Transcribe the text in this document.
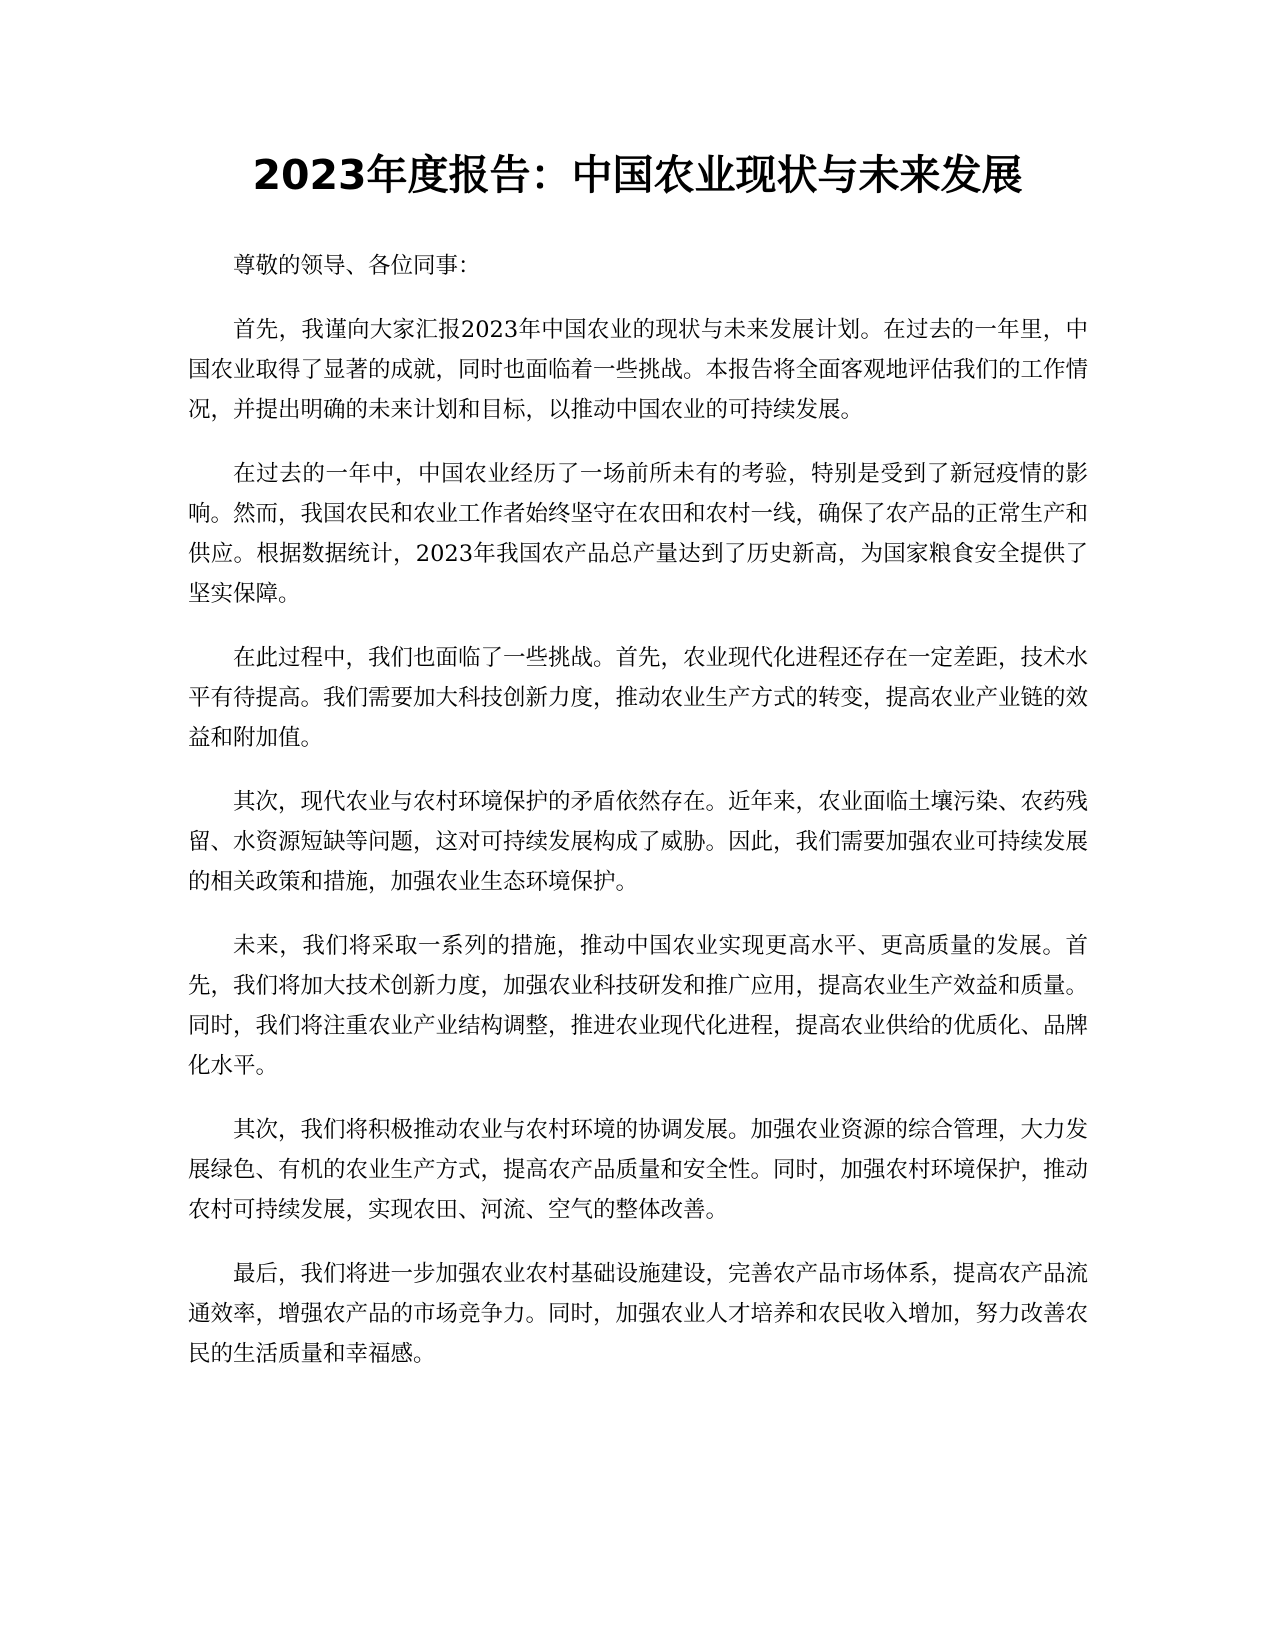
2023年度报告：中国农业现状与未来发展

尊敬的领导、各位同事：

首先，我谨向大家汇报2023年中国农业的现状与未来发展计划。在过去的一年里，中国农业取得了显著的成就，同时也面临着一些挑战。本报告将全面客观地评估我们的工作情况，并提出明确的未来计划和目标，以推动中国农业的可持续发展。

在过去的一年中，中国农业经历了一场前所未有的考验，特别是受到了新冠疫情的影响。然而，我国农民和农业工作者始终坚守在农田和农村一线，确保了农产品的正常生产和供应。根据数据统计，2023年我国农产品总产量达到了历史新高，为国家粮食安全提供了坚实保障。

在此过程中，我们也面临了一些挑战。首先，农业现代化进程还存在一定差距，技术水平有待提高。我们需要加大科技创新力度，推动农业生产方式的转变，提高农业产业链的效益和附加值。

其次，现代农业与农村环境保护的矛盾依然存在。近年来，农业面临土壤污染、农药残留、水资源短缺等问题，这对可持续发展构成了威胁。因此，我们需要加强农业可持续发展的相关政策和措施，加强农业生态环境保护。

未来，我们将采取一系列的措施，推动中国农业实现更高水平、更高质量的发展。首先，我们将加大技术创新力度，加强农业科技研发和推广应用，提高农业生产效益和质量。同时，我们将注重农业产业结构调整，推进农业现代化进程，提高农业供给的优质化、品牌化水平。

其次，我们将积极推动农业与农村环境的协调发展。加强农业资源的综合管理，大力发展绿色、有机的农业生产方式，提高农产品质量和安全性。同时，加强农村环境保护，推动农村可持续发展，实现农田、河流、空气的整体改善。

最后，我们将进一步加强农业农村基础设施建设，完善农产品市场体系，提高农产品流通效率，增强农产品的市场竞争力。同时，加强农业人才培养和农民收入增加，努力改善农民的生活质量和幸福感。
